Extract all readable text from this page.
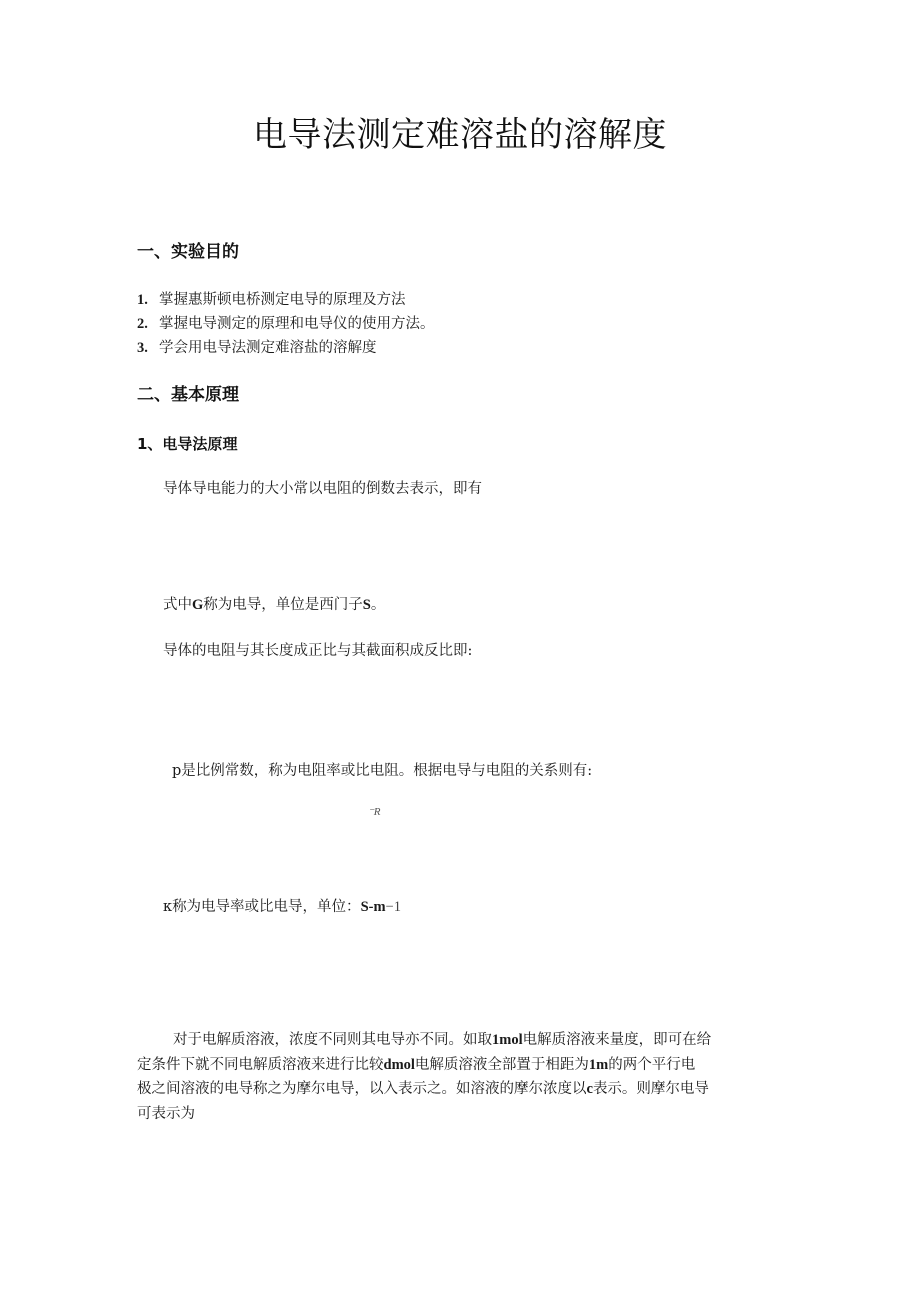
电导法测定难溶盐的溶解度
一、实验目的
1. 掌握惠斯顿电桥测定电导的原理及方法
2. 掌握电导测定的原理和电导仪的使用方法。
3. 学会用电导法测定难溶盐的溶解度
二、基本原理
1、电导法原理
导体导电能力的大小常以电阻的倒数去表示，即有
式中G称为电导，单位是西门子S。
导体的电阻与其长度成正比与其截面积成反比即:
p是比例常数，称为电阻率或比电阻。根据电导与电阻的关系则有:
⁻R
κ称为电导率或比电导，单位：S-m−1
对于电解质溶液，浓度不同则其电导亦不同。如取1mol电解质溶液来量度，即可在给
定条件下就不同电解质溶液来进行比较dmol电解质溶液全部置于相距为1m的两个平行电
极之间溶液的电导称之为摩尔电导，以入表示之。如溶液的摩尔浓度以c表示。则摩尔电导
可表示为
